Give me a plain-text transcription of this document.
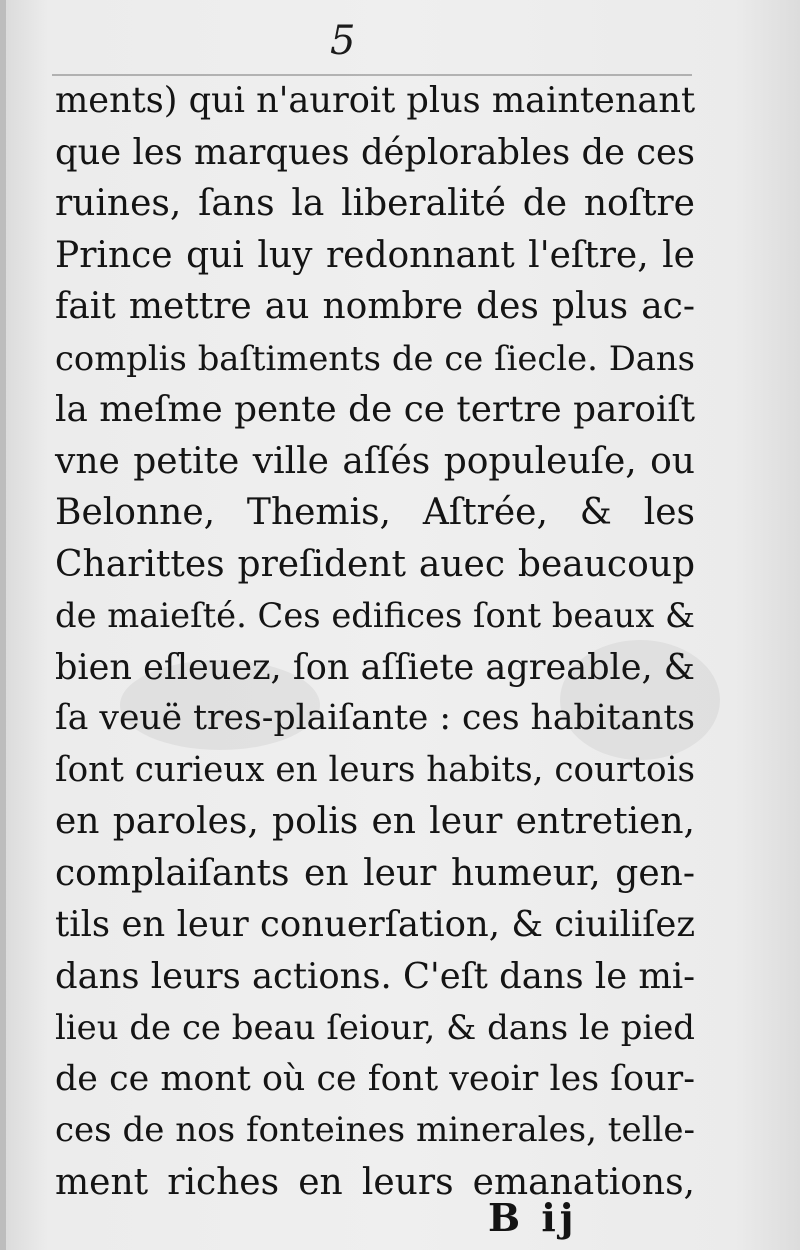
5
ments) qui n'auroit plus maintenant
que les marques déplorables de ces
ruines, ſans la liberalité de noſtre
Prince qui luy redonnant l'eſtre, le
fait mettre au nombre des plus ac-
complis baſtiments de ce ſiecle. Dans
la meſme pente de ce tertre paroiſt
vne petite ville aſſés populeuſe, ou
Belonne, Themis, Aſtrée, & les
Charittes preſident auec beaucoup
de maieſté. Ces edifices ſont beaux &
bien eſleuez, ſon aſſiete agreable, &
ſa veuë tres-plaiſante : ces habitants
ſont curieux en leurs habits, courtois
en paroles, polis en leur entretien,
complaiſants en leur humeur, gen-
tils en leur conuerſation, & ciuiliſez
dans leurs actions. C'eſt dans le mi-
lieu de ce beau ſeiour, & dans le pied
de ce mont où ce font veoir les ſour-
ces de nos fonteines minerales, telle-
ment riches en leurs emanations,
B ij
